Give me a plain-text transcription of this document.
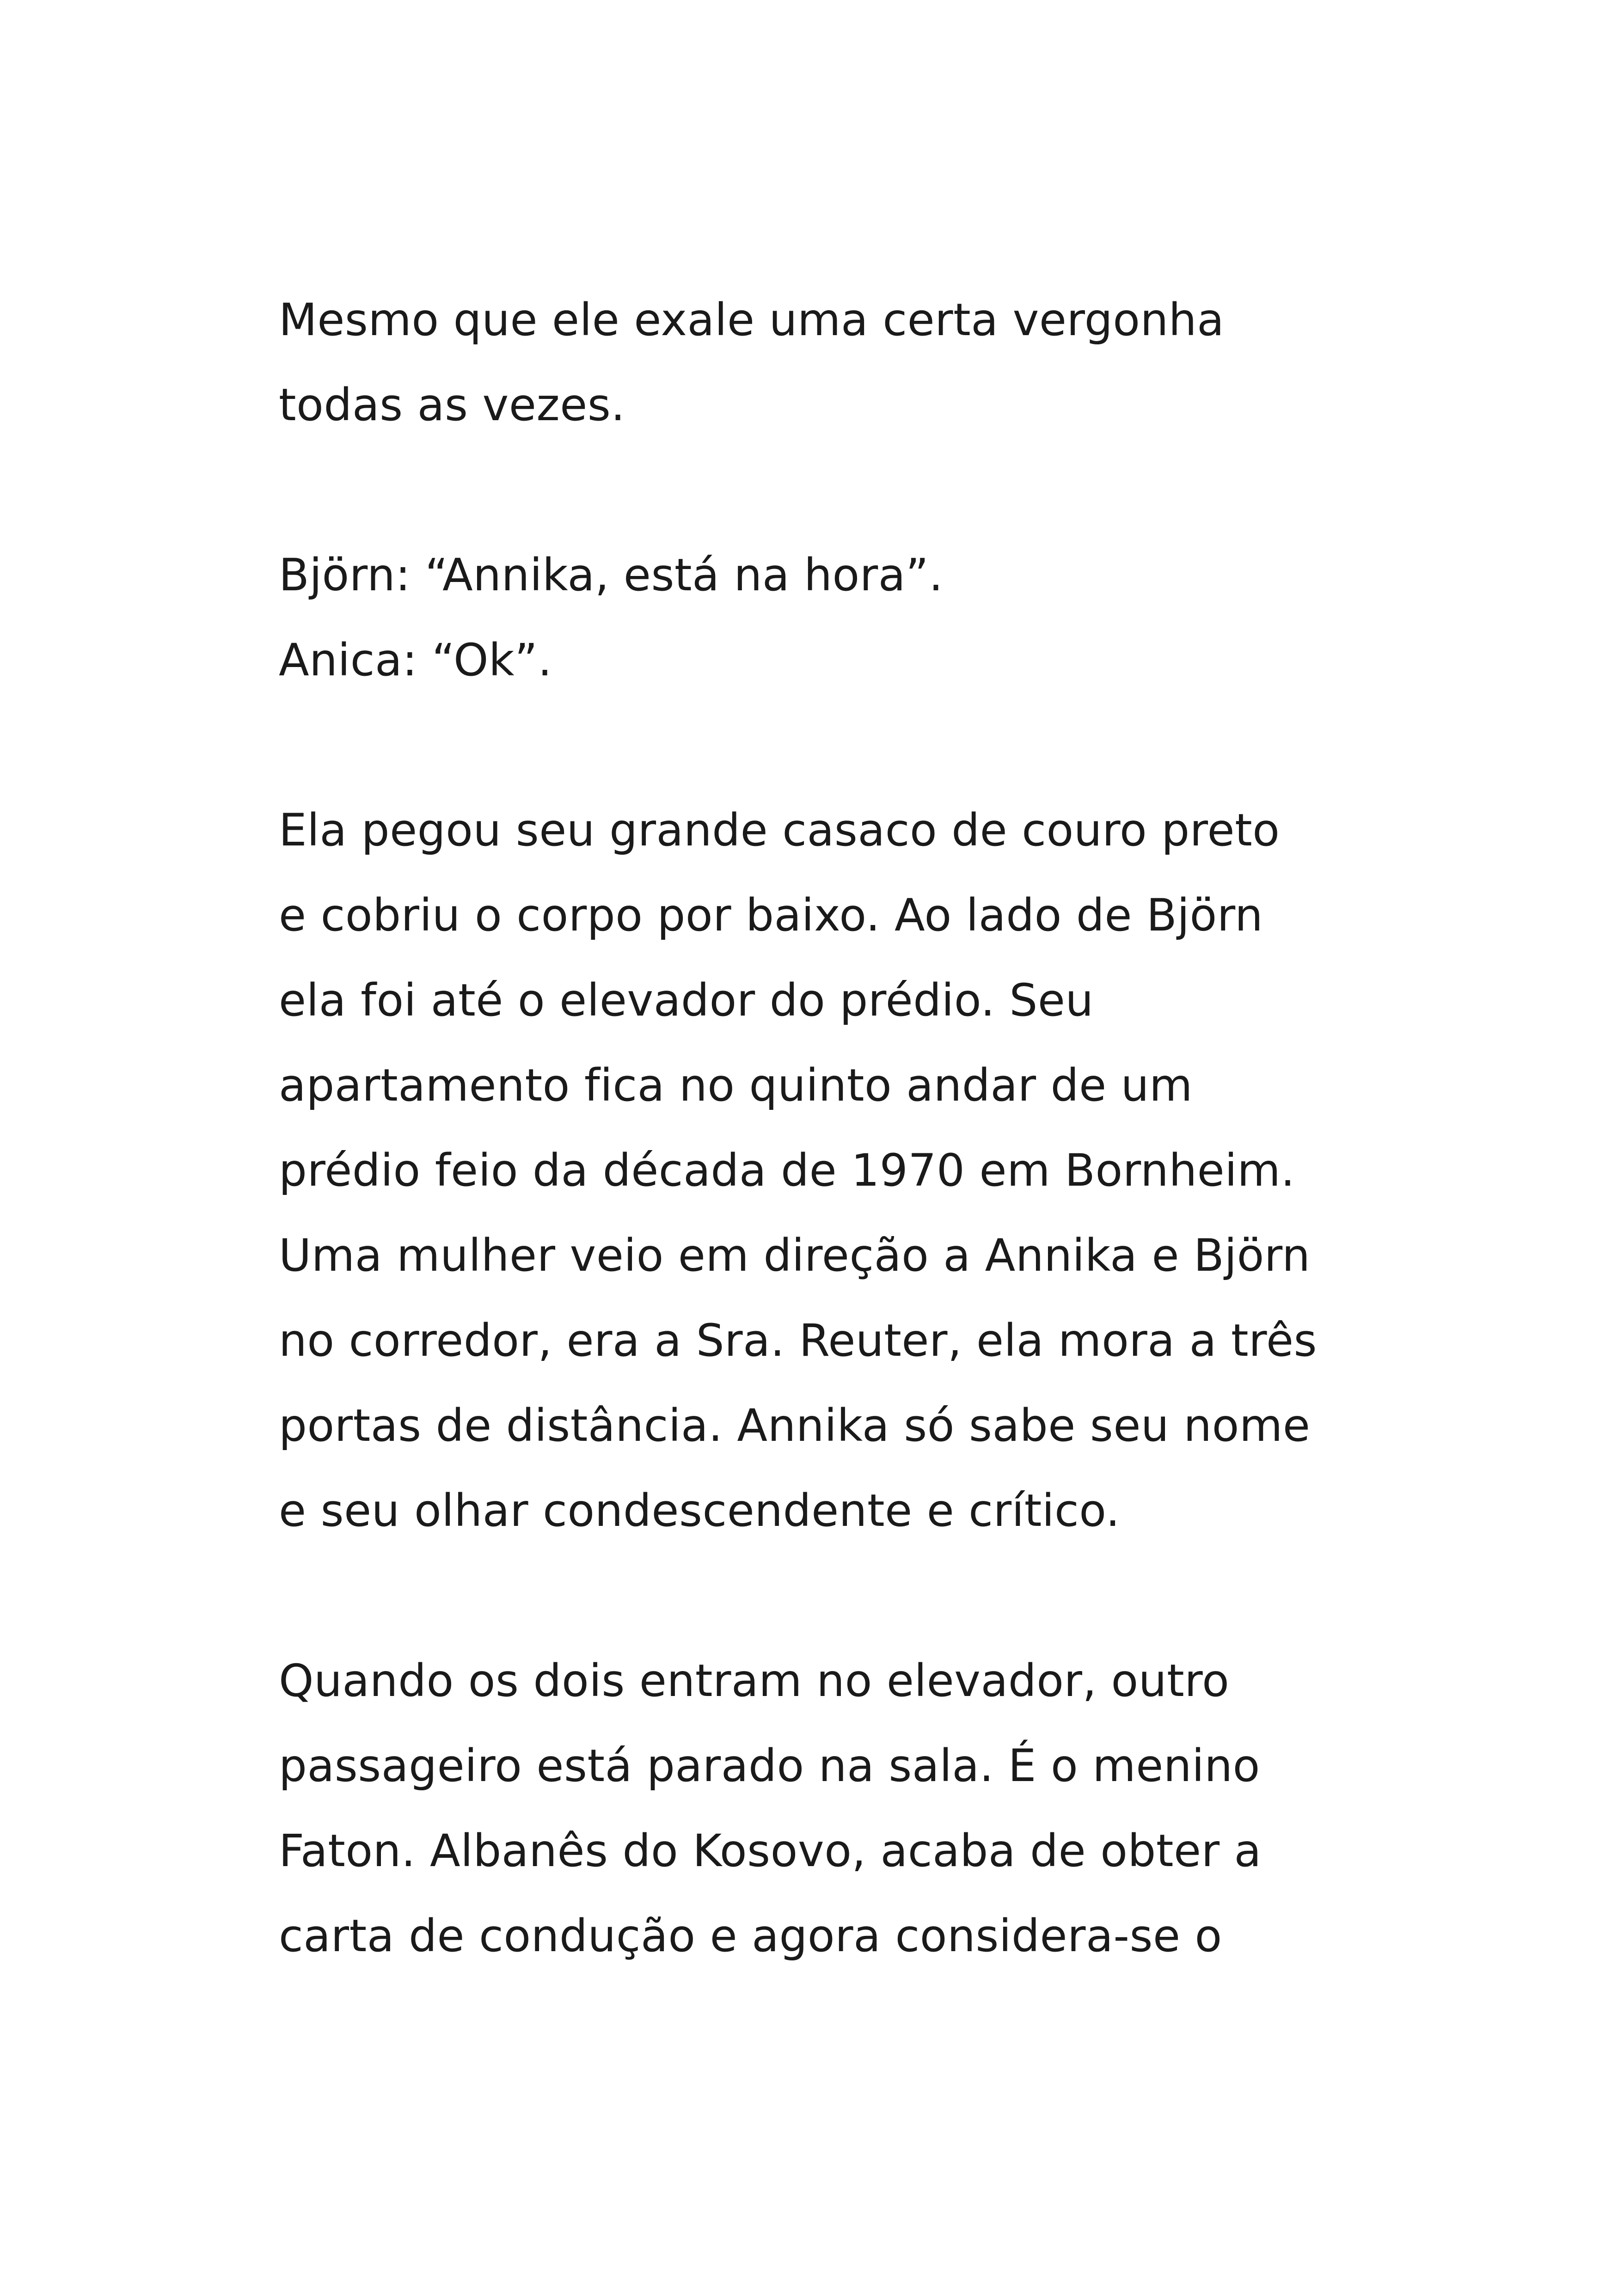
Mesmo que ele exale uma certa vergonha
todas as vezes.

Björn: “Annika, está na hora”.
Anica: “Ok”.

Ela pegou seu grande casaco de couro preto
e cobriu o corpo por baixo. Ao lado de Björn
ela foi até o elevador do prédio. Seu
apartamento fica no quinto andar de um
prédio feio da década de 1970 em Bornheim.
Uma mulher veio em direção a Annika e Björn
no corredor, era a Sra. Reuter, ela mora a três
portas de distância. Annika só sabe seu nome
e seu olhar condescendente e crítico.

Quando os dois entram no elevador, outro
passageiro está parado na sala. É o menino
Faton. Albanês do Kosovo, acaba de obter a
carta de condução e agora considera-se o
